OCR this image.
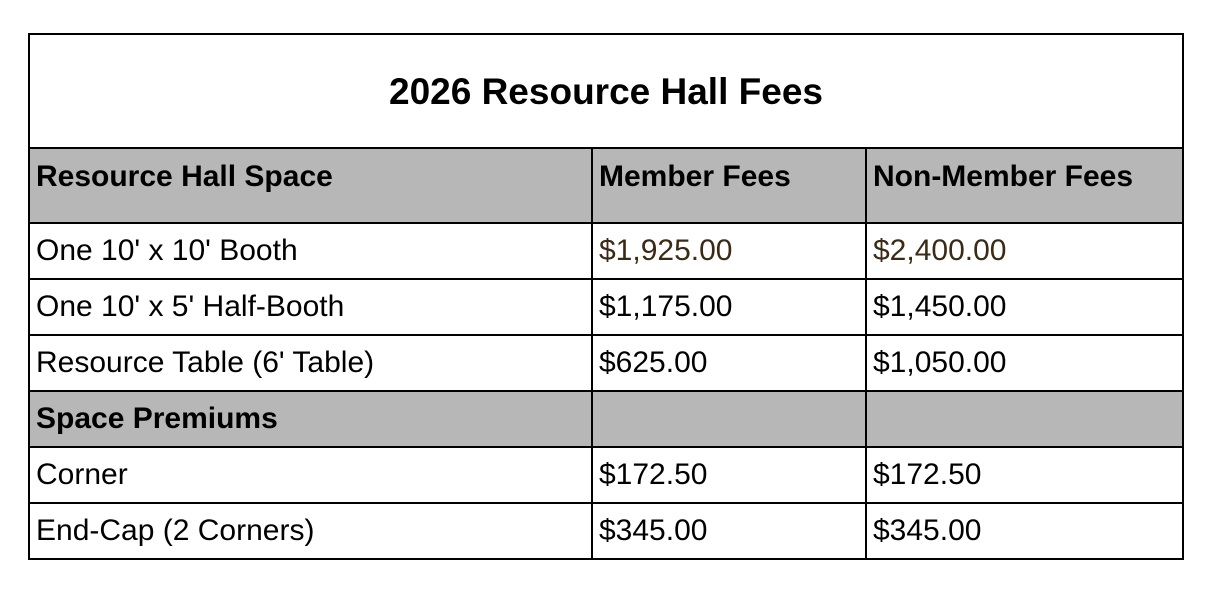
2026 Resource Hall Fees		
Resource Hall Space	Member Fees	Non-Member Fees
One 10' x 10' Booth	$1,925.00	$2,400.00
One 10' x 5' Half-Booth	$1,175.00	$1,450.00
Resource Table (6' Table)	$625.00	$1,050.00
Space Premiums		
Corner	$172.50	$172.50
End-Cap (2 Corners)	$345.00	$345.00
